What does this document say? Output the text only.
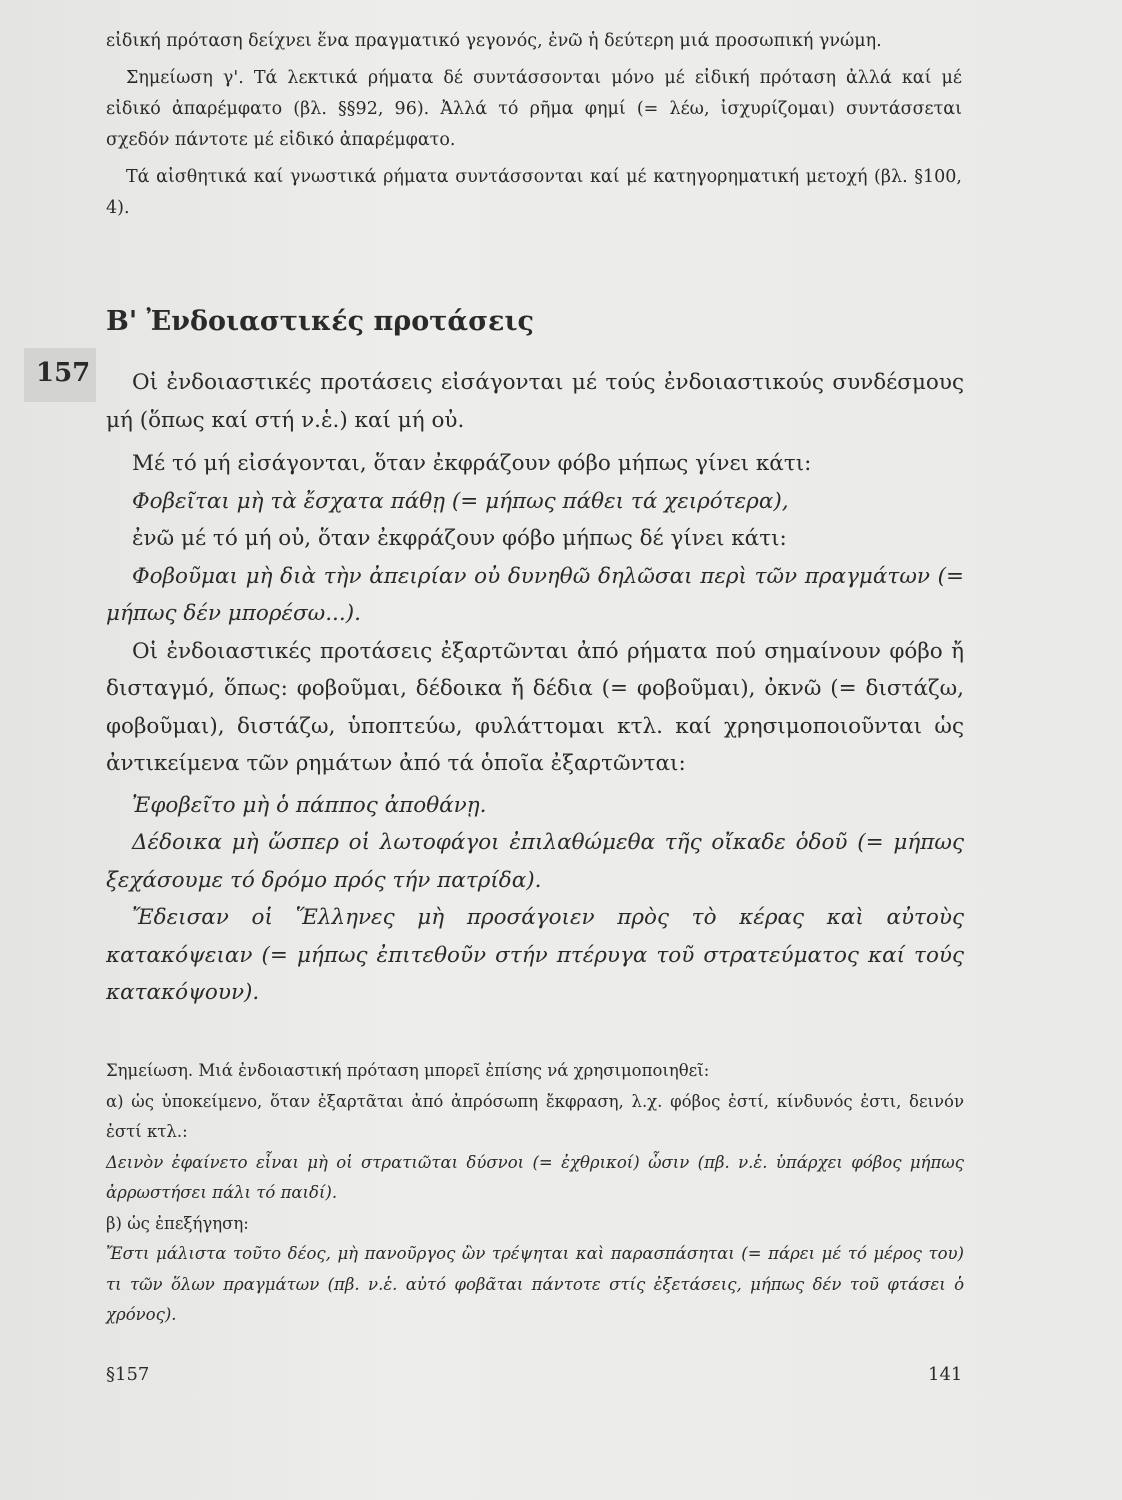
εἰδική πρόταση δείχνει ἕνα πραγματικό γεγονός, ἐνῶ ἡ δεύτερη μιά προσωπική γνώμη.

Σημείωση γ'. Τά λεκτικά ρήματα δέ συντάσσονται μόνο μέ εἰδική πρόταση ἀλλά καί μέ εἰδικό ἀπαρέμφατο (βλ. §§92, 96). Ἀλλά τό ρῆμα φημί (= λέω, ἰσχυρίζομαι) συντάσσεται σχεδόν πάντοτε μέ εἰδικό ἀπαρέμφατο.

Τά αἰσθητικά καί γνωστικά ρήματα συντάσσονται καί μέ κατηγορηματική μετοχή (βλ. §100, 4).

Β' Ἐνδοιαστικές προτάσεις
157	Οἱ ἐνδοιαστικές προτάσεις εἰσάγονται μέ τούς ἐνδοιαστικούς συνδέσμους μή (ὅπως καί στή ν.ἑ.) καί μή οὐ.

Μέ τό μή εἰσάγονται, ὅταν ἐκφράζουν φόβο μήπως γίνει κάτι:

Φοβεῖται μὴ τὰ ἔσχατα πάθῃ (= μήπως πάθει τά χειρότερα),

ἐνῶ μέ τό μή οὐ, ὅταν ἐκφράζουν φόβο μήπως δέ γίνει κάτι:

Φοβοῦμαι μὴ διὰ τὴν ἀπειρίαν οὐ δυνηθῶ δηλῶσαι περὶ τῶν πραγμάτων (= μήπως δέν μπορέσω...).

Οἱ ἐνδοιαστικές προτάσεις ἐξαρτῶνται ἀπό ρήματα πού σημαίνουν φόβο ἤ δισταγμό, ὅπως: φοβοῦμαι, δέδοικα ἤ δέδια (= φοβοῦμαι), ὀκνῶ (= διστάζω, φοβοῦμαι), διστάζω, ὑποπτεύω, φυλάττομαι κτλ. καί χρησιμοποιοῦνται ὡς ἀντικείμενα τῶν ρημάτων ἀπό τά ὁποῖα ἐξαρτῶνται:

Ἐφοβεῖτο μὴ ὁ πάππος ἀποθάνῃ.

Δέδοικα μὴ ὥσπερ οἱ λωτοφάγοι ἐπιλαθώμεθα τῆς οἴκαδε ὁδοῦ (= μήπως ξεχάσουμε τό δρόμο πρός τήν πατρίδα).

Ἔδεισαν οἱ Ἕλληνες μὴ προσάγοιεν πρὸς τὸ κέρας καὶ αὐτοὺς κατακόψειαν (= μήπως ἐπιτεθοῦν στήν πτέρυγα τοῦ στρατεύματος καί τούς κατακόψουν).

Σημείωση. Μιά ἐνδοιαστική πρόταση μπορεῖ ἐπίσης νά χρησιμοποιηθεῖ:

α) ὡς ὑποκείμενο, ὅταν ἐξαρτᾶται ἀπό ἀπρόσωπη ἔκφραση, λ.χ. φόβος ἐστί, κίνδυνός ἐστι, δεινόν ἐστί κτλ.:

Δεινὸν ἐφαίνετο εἶναι μὴ οἱ στρατιῶται δύσνοι (= ἐχθρικοί) ὦσιν (πβ. ν.ἑ. ὑπάρχει φόβος μήπως ἀρρωστήσει πάλι τό παιδί).

β) ὡς ἐπεξήγηση:

Ἔστι μάλιστα τοῦτο δέος, μὴ πανοῦργος ὢν τρέψηται καὶ παρασπάσηται (= πάρει μέ τό μέρος του) τι τῶν ὅλων πραγμάτων (πβ. ν.ἑ. αὐτό φοβᾶται πάντοτε στίς ἐξετάσεις, μήπως δέν τοῦ φτάσει ὁ χρόνος).

§157	141
